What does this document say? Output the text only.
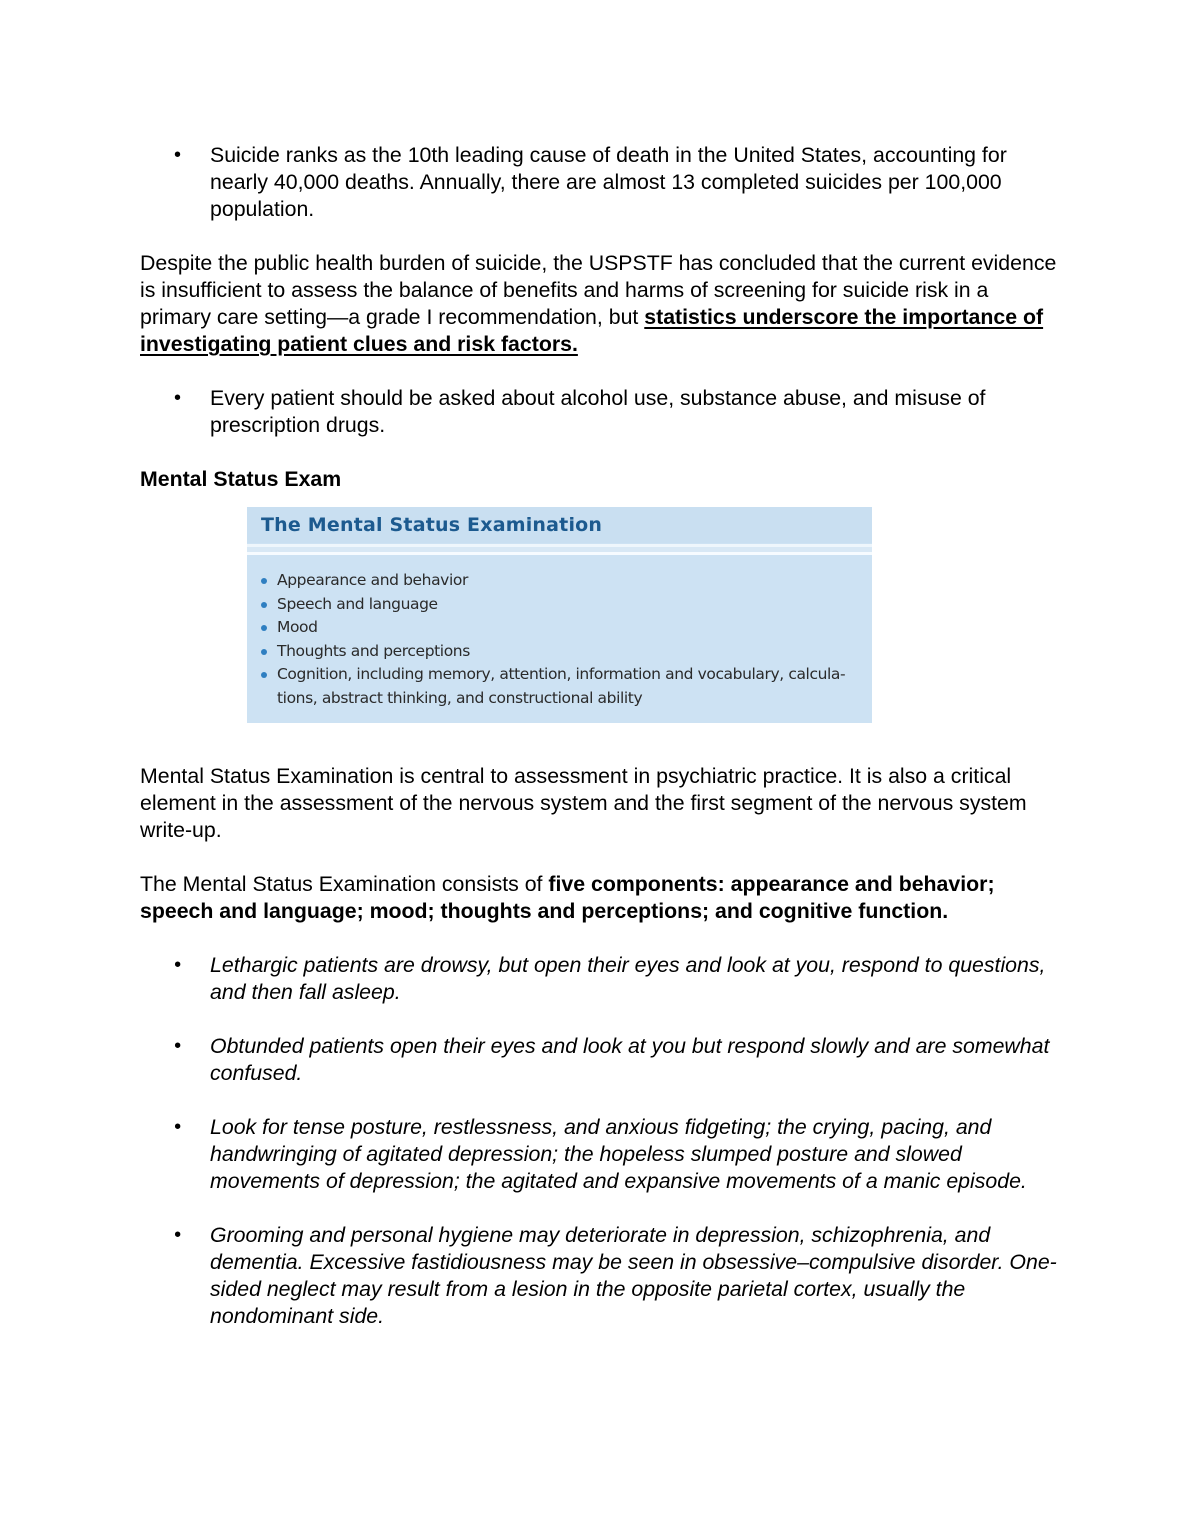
• Suicide ranks as the 10th leading cause of death in the United States, accounting for nearly 40,000 deaths. Annually, there are almost 13 completed suicides per 100,000 population.

Despite the public health burden of suicide, the USPSTF has concluded that the current evidence is insufficient to assess the balance of benefits and harms of screening for suicide risk in a primary care setting—a grade I recommendation, but statistics underscore the importance of investigating patient clues and risk factors.

• Every patient should be asked about alcohol use, substance abuse, and misuse of prescription drugs.
Mental Status Exam
The Mental Status Examination
Appearance and behavior
Speech and language
Mood
Thoughts and perceptions
Cognition, including memory, attention, information and vocabulary, calcula-tions, abstract thinking, and constructional ability

Mental Status Examination is central to assessment in psychiatric practice. It is also a critical element in the assessment of the nervous system and the first segment of the nervous system write-up.

The Mental Status Examination consists of five components: appearance and behavior; speech and language; mood; thoughts and perceptions; and cognitive function.

• Lethargic patients are drowsy, but open their eyes and look at you, respond to questions, and then fall asleep.
• Obtunded patients open their eyes and look at you but respond slowly and are somewhat confused.
• Look for tense posture, restlessness, and anxious fidgeting; the crying, pacing, and handwringing of agitated depression; the hopeless slumped posture and slowed movements of depression; the agitated and expansive movements of a manic episode.
• Grooming and personal hygiene may deteriorate in depression, schizophrenia, and dementia. Excessive fastidiousness may be seen in obsessive–compulsive disorder. One-sided neglect may result from a lesion in the opposite parietal cortex, usually the nondominant side.
